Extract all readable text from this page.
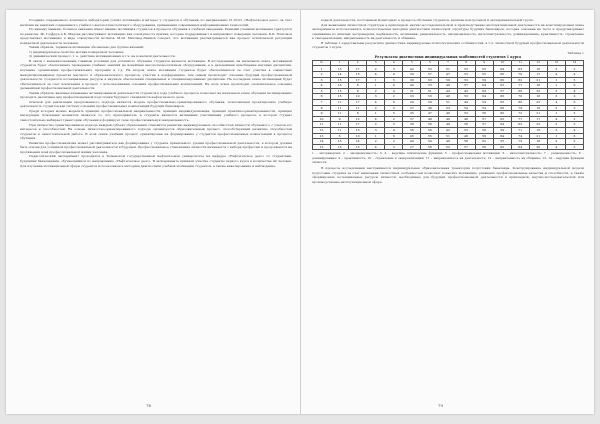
Создание современного комплекса лабораторий усилит мотивацию и интерес у студентов к обучению по направлению 21.03.01 «Нефтегазовое дело» за счет наличия на занятиях современного учебного высокотехнологичного оборудования, применения современных информационных технологий.

По нашему мнению, большое значение имеет именно мотивация студентов в процессе обучения в учебном заведении. Разными учеными мотивация трактуется по-разному. Ж. Годфруа и К. Мадсен рассматривают мотивацию как совокупность причин, которые поддерживают и направляют поведение человека. К.К. Платонов представляет мотивацию в виде совокупности мотивов. М.Ш. Магомед-Эминов говорит, что мотивация рассматривается как процесс психической регуляции конкретной деятельности человека.

Таким образом, термином мотивация обозначено две группы явлений:

1) индивидуальное свойство мотива конкретной человека;

2) динамический процесс, т. е. действие мотивационных в т.ч. на конечной деятельности.

В связи с вышеизложенным главным условием для успешного обучения студентов является мотивация. В исследовании, на начальном этапе, мотивацией студентов будет обеспечивать проведение учебных занятий на новейшем высокотехнологичном оборудовании, а в дальнейшем приобщение научных дисциплин, изучение организации профессиональных программ и т.д. На втором этапе мотивация студентов будет обеспечиваться за счет участия в совместных междисциплинарных проектах научного и образовательного процесса, участия в конференциях, тем самым происходит освоение будущей профессиональной деятельности. Создаются потенциальные ресурсы в научном обеспечении специальных и специализированных дисциплин. На последнем этапе мотивацией будет обеспечиваться за счет вовлечения в процесс с использованием освоения профессиональных компетенций. На этом этапе происходит окончательное освоение дальнейшей профессиональной деятельности.

Таким образом, внешнее изменение мотивированной деятельности студентов в ходе учебного процесса позволяет на начальном этапе обучения мотивированно проходить различные вид профессиональной подготовки будущего специалиста нефтегазового дела.

Основой для реализации предложенного подхода является модель профессионально-ориентированного обучения, позволяющая проектировать учебную деятельность студентов как систему освоения профессиональных компетенций будущих бакалавров.

Среди которых можно выделить принцип профессиональной направленности, принцип индивидуализации, принцип практикоориентированности, принцип интеграции. Ключевым моментом является то, что преподаватель и студенты являются активными участниками учебного процесса, в котором студент самостоятельно выбирает траекторию обучения и формирует свою профессиональную направленность.

При личностно-ориентированном подходе каждый субъект образования становится развитию индивидуальных способностей личности обучаемого, с учетом его интересов и способностей. На основе личностно-ориентированного подхода организуется образовательный процесс, способствующий развитию способностей студентов к самостоятельной работе. В этой связи учебный процесс ориентирован на формирование у студентов профессиональных компетенций в процессе обучения.

Развитие профессионализма может рассматриваться как формирование у студента приемлемого уровня профессиональной деятельности, в котором должна быть основа для успешной профессиональной деятельности в будущем. Профессиональное становление личности начинается с выбора профессии и продолжается на протяжении всей профессиональной жизни человека.

Педагогический эксперимент проводился в Тюменском государственном нефтегазовом университете на кафедре «Нефтегазовое дело» со студентами, будущими бакалаврами, обучающимися по направлению «Нефтегазовое дело». В эксперименте приняли участие студенты первого курса в количестве 42 человек. Для изучения мотивационной сферы студентов использовалась методика диагностики учебной мотивации студентов, а также анкетирование и наблюдение.

78

водной деятельности, постоянный мониторинг в процессе обучения студентов, наличие контрольной и экспериментальной групп.

Для выявления личностной структуры в прикладной, научно-исследовательской и производственно-эксплуатационной деятельности на констатирующем этапе эксперимента использовалась психологическая методика диагностики личностной структуры будущих бакалавров, которая основана на тесте и предусматривает оценивание по шкалам: экстраверсия, вербальность, мотивация, рациональность, эмоциональность, интеллектуальность, доминирование, креативность, стремление к самореализации, направленность на деятельность и общение.

В таблице 1 представлены результаты диагностики индивидуально-психологических особенностей, в т.ч. личностной будущей профессиональной деятельности студентов 1 курса.

Таблица 1
Результаты диагностики индивидуальных особенностей студентов 1 курса
№	1	2	3	4	5	6	7	8	9	10	11	12	13	14
1	15	17	2	3	42	53	51	53	63	64	83	16	2	2
2	14	15	4	4	39	57	47	53	55	60	76	17	4	4
3	15	17	1	5	38	63	59	53	59	66	82	21	1	5
4	16	8	1	6	40	53	48	57	64	63	77	16	1	6
5	15	9	2	4	31	51	44	43	64	57	69	22	2	4
6	15	10	3	2	33	53	48	53	64	66	70	18	3	2
7	11	17	4	6	24	59	51	44	54	63	80	25	4	6
8	11	11	2	3	37	49	53	54	54	68	79	16	2	3
9	11	8	1	5	35	47	49	53	56	60	72	21	1	5
10	9	12	4	2	37	48	49	48	57	63	77	17	4	2
11	11	17	2	5	38	56	49	56	57	64	82	22	2	5
12	11	13	3	4	36	50	42	53	58	59	71	16	3	4
13	6	10	1	6	45	55	51	46	59	64	74	21	1	6
14	15	14	2	2	49	54	48	58	62	55	75	18	2	2
15	15	15	4	3	27	56	52	57	56	63	84	20	4	3
1 – экстраверсия; 2 – эмоциональность; 3, 4 – ведущие психические функции; 5 – профессиональная мотивация; 6 – интеллектуальность; 7 – рациональность; 8 – доминирование; 9 – креативность; 10 – стремление к самореализации; 11 – направленность на деятельность; 12 – направленность на общение; 13, 14 – ведущие функции личности.

В процессе исследования выстраивается индивидуальная образовательная траектория подготовки бакалавра. Конструирование индивидуальной модели подготовки студента за счет выявления личностных особенностей позволяет повысить мотивацию, развивать профессиональные качества и способности, а также сформировать потенциальные ресурсы личности, необходимые для будущей профессиональной деятельности в прикладной, научно-исследовательской или производственно-эксплуатационной сфере.

79
